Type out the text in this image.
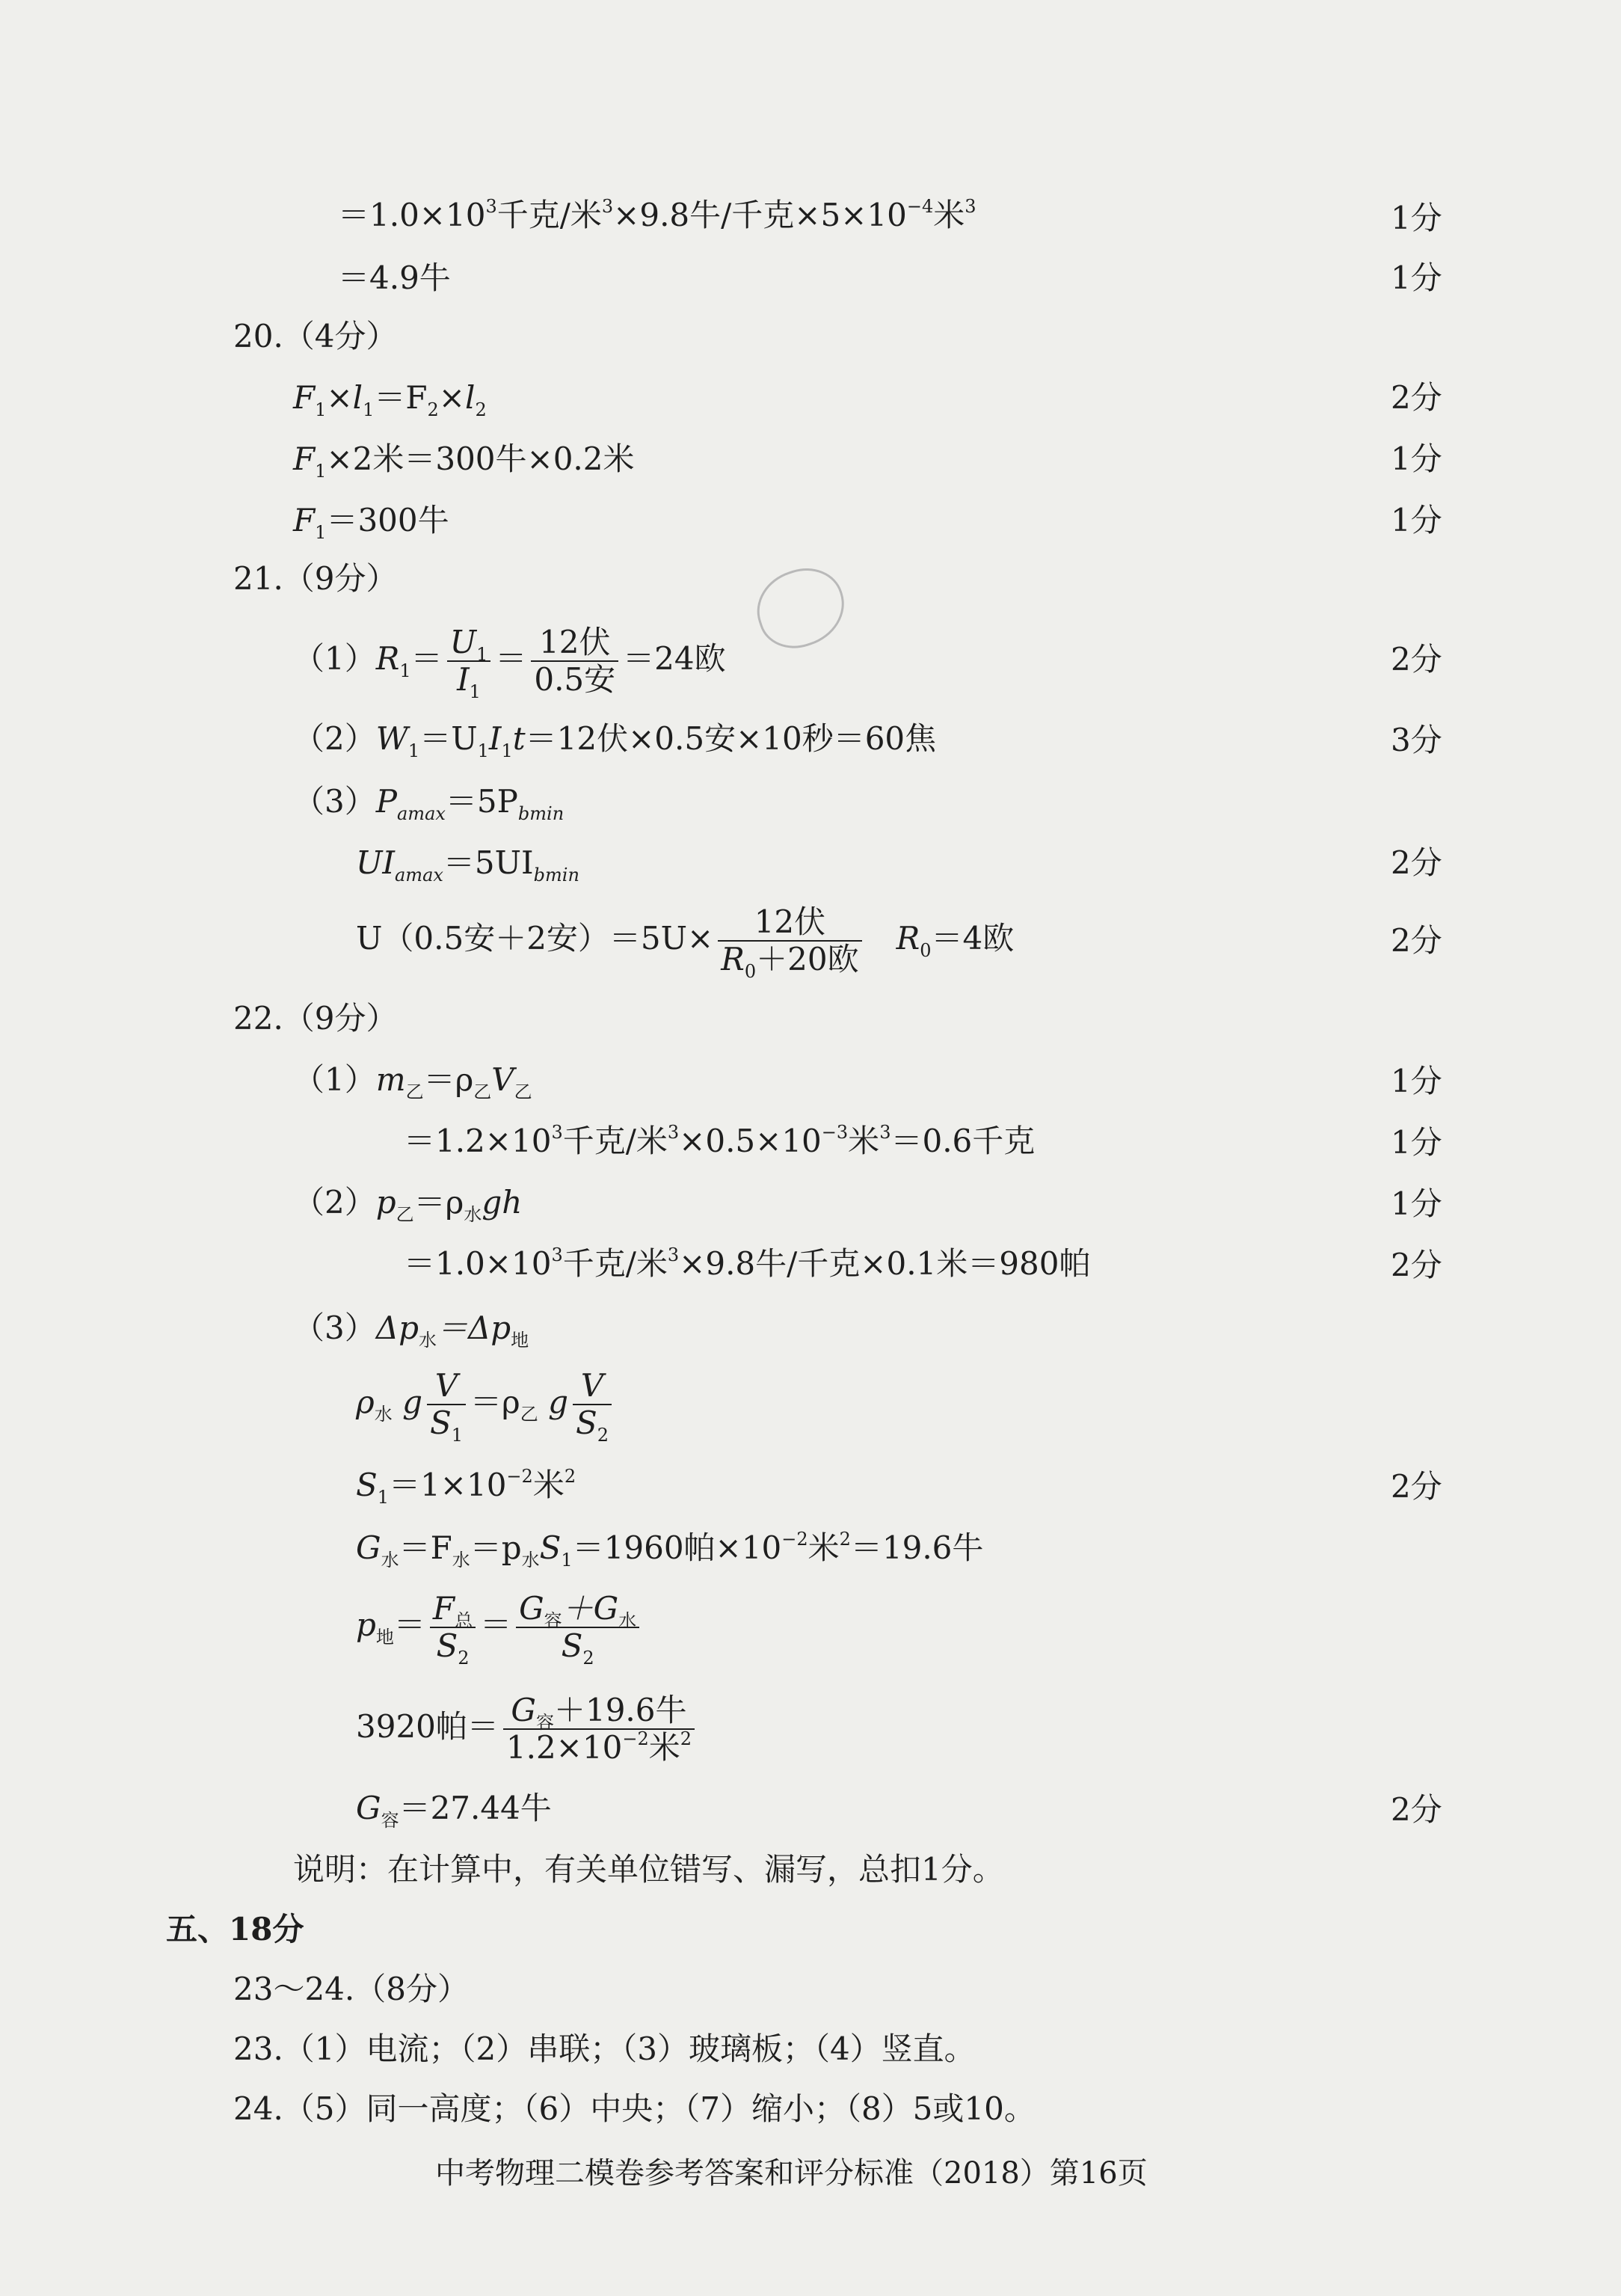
$=1.0\times 10^3$千克/米$^3$×9.8牛/千克$\times 5\times 10^{-4}$米$^3$	1分
＝4.9牛	1分
20.（4分）
$F_1\times l_1=F_2\times l_2$	2分
$F_1\times 2$米＝300牛×0.2米	1分
$F_1=300$牛	1分
21.（9分）
$(1)R_1= \frac{U_1}{I_1} = \frac{\text{12伏}}{\text{0.5安}} =24$欧	2分
$(2)W_1=U_1I_1t=12$伏×0.5安×10秒＝60焦	3分
$(3)P_{amax}=5P_{bmin}$
$UI_{amax}=5UI_{bmin}$	2分
U（0.5安＋2安）$=5U\times \frac{\text{12伏}}{R_0+20欧} R_0=4$欧	2分
22.（9分）
$(1)m_乙=\rho_乙V_乙$	1分
$=1.2\times 10^3$千克/米$^3\times 0.5\times 10^{-3}$米$^3$＝0.6千克	1分
$(2)p_乙=\rho_水gh$	1分
$=1.0\times 10^3$千克/米$^3$×9.8牛/千克×0.1米＝980帕	2分
$(3)\Delta p_水=\Delta p_地$
$\rho_水$ g $\frac{V}{S_1} =\rho_乙$ g $\frac{V}{S_2}$
$S_1=1\times 10^{-2}$米$^2$	2分
$G_水=F_水=p_水S_1=1960$帕$\times 10^{-2}$米$^2$＝19.6牛
$p_地= \frac{F_总}{S_2} = \frac{G_容+G_水}{S_2}$
3920帕＝ $\frac{G_容+19.6牛}{1.2\times 10^{-2}米^2}$
$G_容=27.44$牛	2分
说明：在计算中，有关单位错写、漏写，总扣1分。
五、18分
23～24.（8分）
23.（1）电流；（2）串联；（3）玻璃板；（4）竖直。
24.（5）同一高度；（6）中央；（7）缩小；（8）5或10。
中考物理二模卷参考答案和评分标准（2018）第16页
